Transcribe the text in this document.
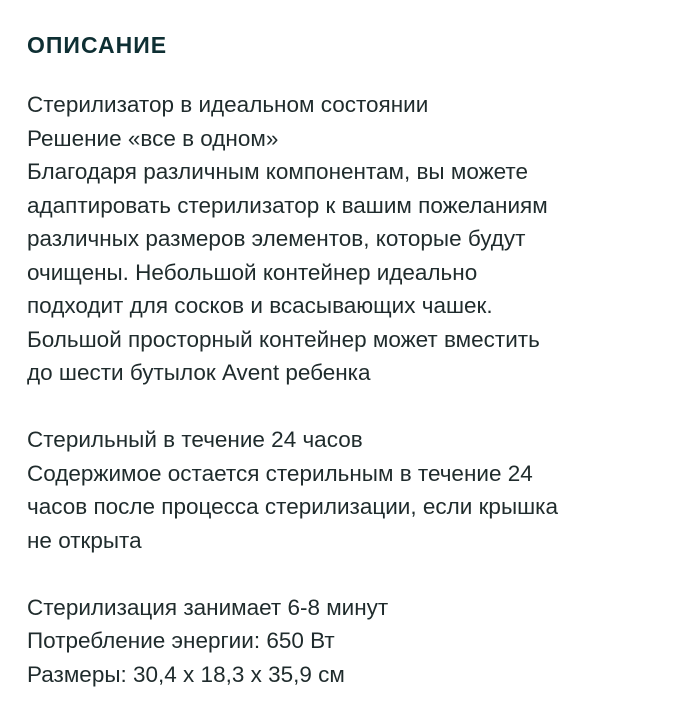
ОПИСАНИЕ

Стерилизатор в идеальном состоянии
Решение «все в одном»
Благодаря различным компонентам, вы можете
адаптировать стерилизатор к вашим пожеланиям
различных размеров элементов, которые будут
очищены. Небольшой контейнер идеально
подходит для сосков и всасывающих чашек.
Большой просторный контейнер может вместить
до шести бутылок Avent ребенка

Стерильный в течение 24 часов
Содержимое остается стерильным в течение 24
часов после процесса стерилизации, если крышка
не открыта

Стерилизация занимает 6-8 минут
Потребление энергии: 650 Вт
Размеры: 30,4 x 18,3 x 35,9 см
